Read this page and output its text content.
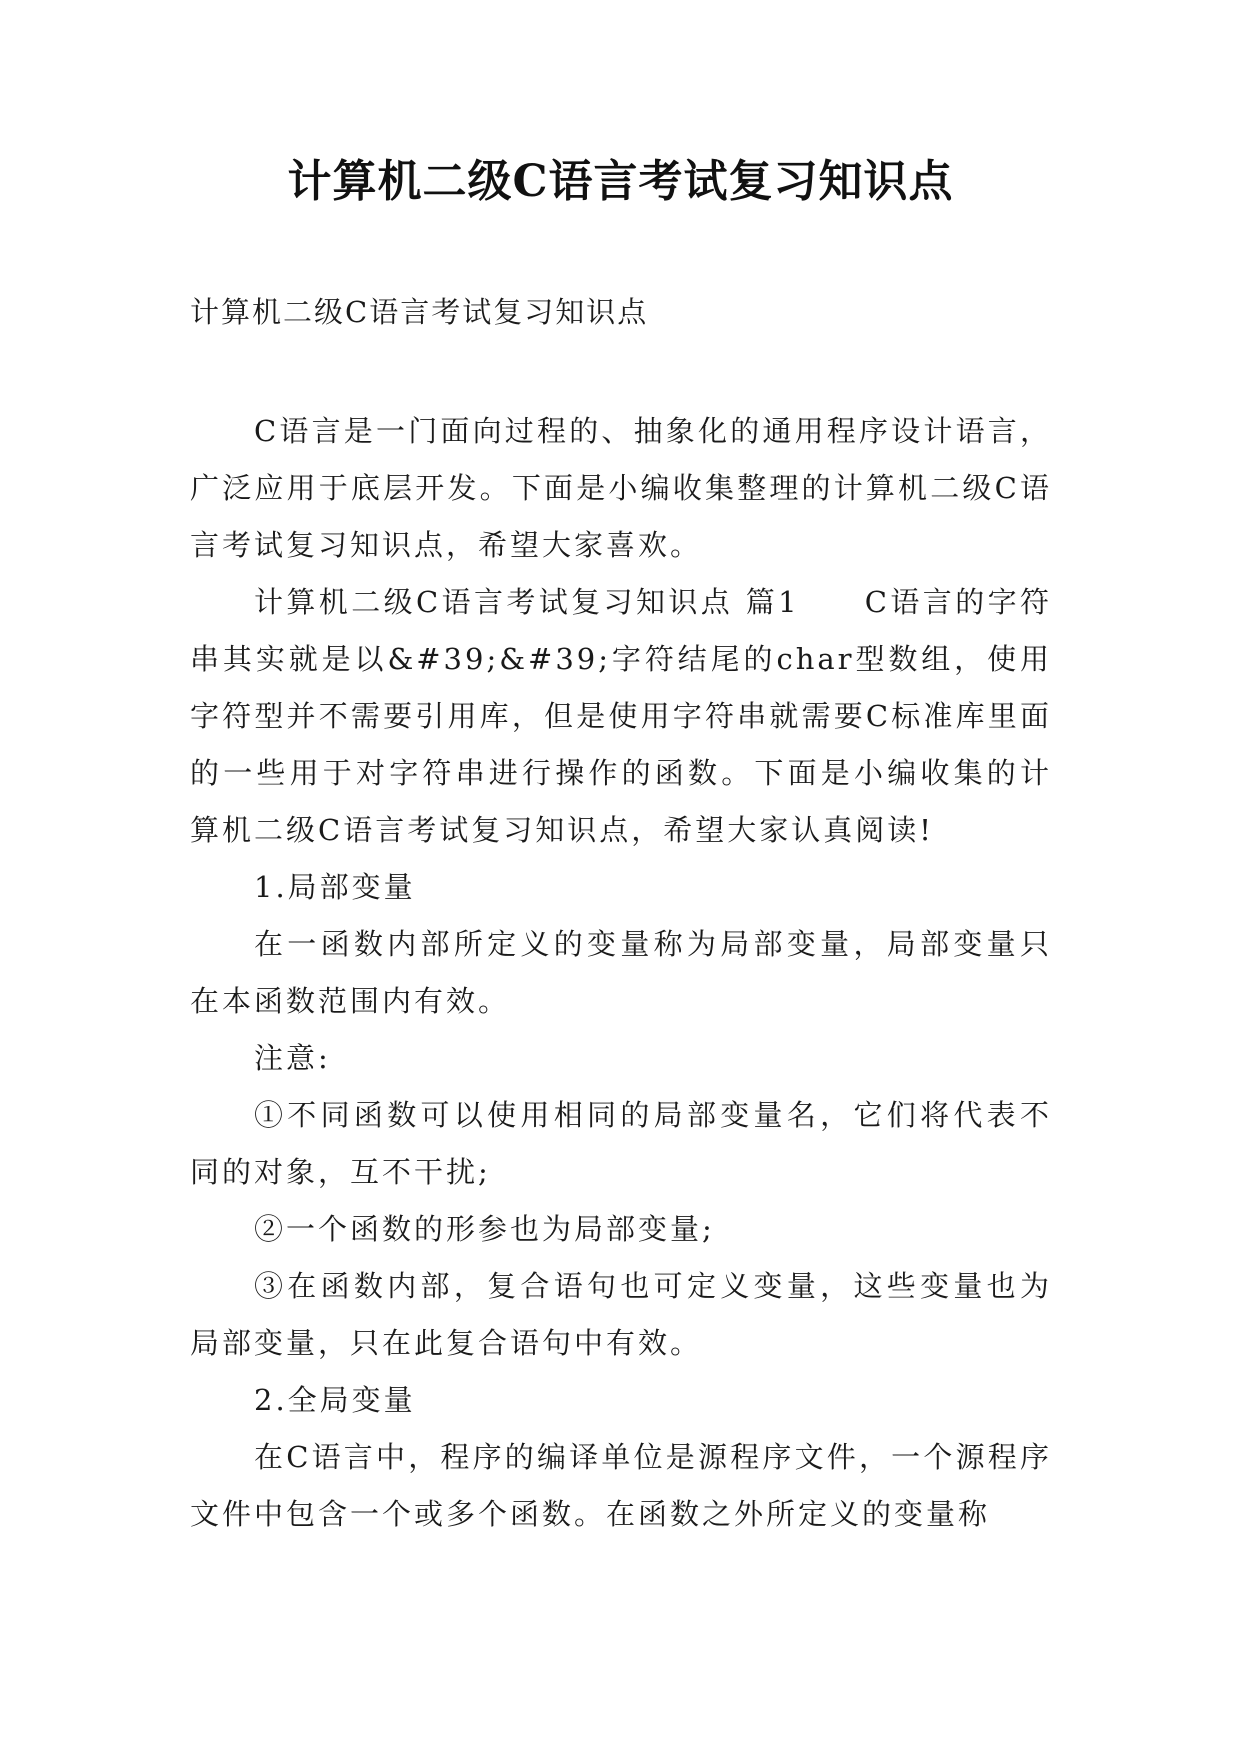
计算机二级C语言考试复习知识点

计算机二级C语言考试复习知识点

C语言是一门面向过程的、抽象化的通用程序设计语言，广泛应用于底层开发。下面是小编收集整理的计算机二级C语言考试复习知识点，希望大家喜欢。

计算机二级C语言考试复习知识点 篇1　　C语言的字符串其实就是以&#39;&#39;字符结尾的char型数组，使用字符型并不需要引用库，但是使用字符串就需要C标准库里面的一些用于对字符串进行操作的函数。下面是小编收集的计算机二级C语言考试复习知识点，希望大家认真阅读!

1.局部变量

在一函数内部所定义的变量称为局部变量，局部变量只在本函数范围内有效。

注意:

①不同函数可以使用相同的局部变量名，它们将代表不同的对象，互不干扰;

②一个函数的形参也为局部变量;

③在函数内部，复合语句也可定义变量，这些变量也为局部变量，只在此复合语句中有效。

2.全局变量

在C语言中，程序的编译单位是源程序文件，一个源程序文件中包含一个或多个函数。在函数之外所定义的变量称
